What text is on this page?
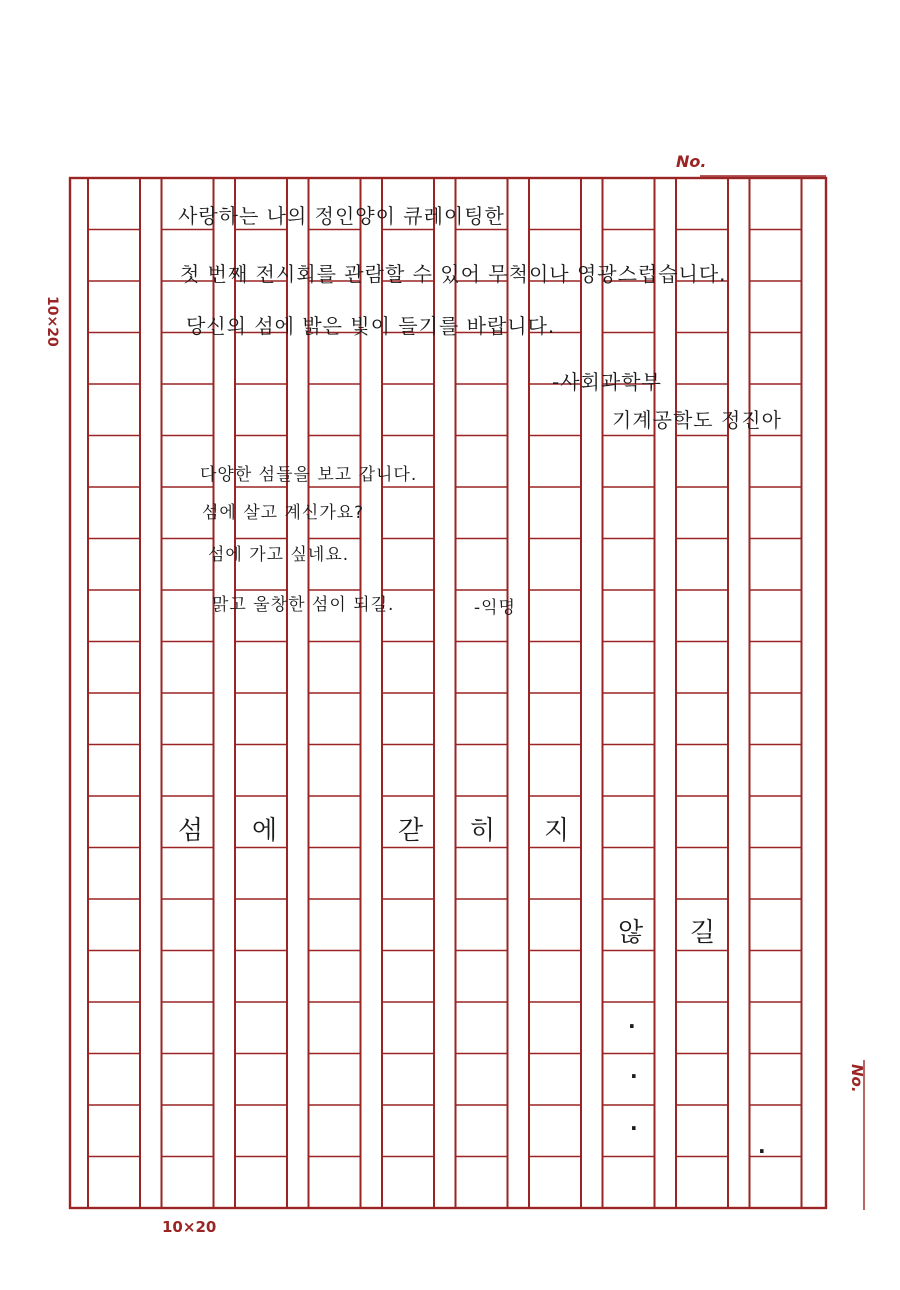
10×20
10×20
No.
No.
사랑하는 나의 정인양이 큐레이팅한
첫 번째 전시회를 관람할 수 있어 무척이나 영광스럽습니다.
당신의 섬에 밝은 빛이 들기를 바랍니다.
-사회과학부
기계공학도 정진아
다양한 섬들을 보고 갑니다.
섬에 살고 계신가요?
섬에 가고 싶네요.
맑고 울창한 섬이 되길.	-익명
섬 에	갇 히 지
않 길
·
·
·
.
